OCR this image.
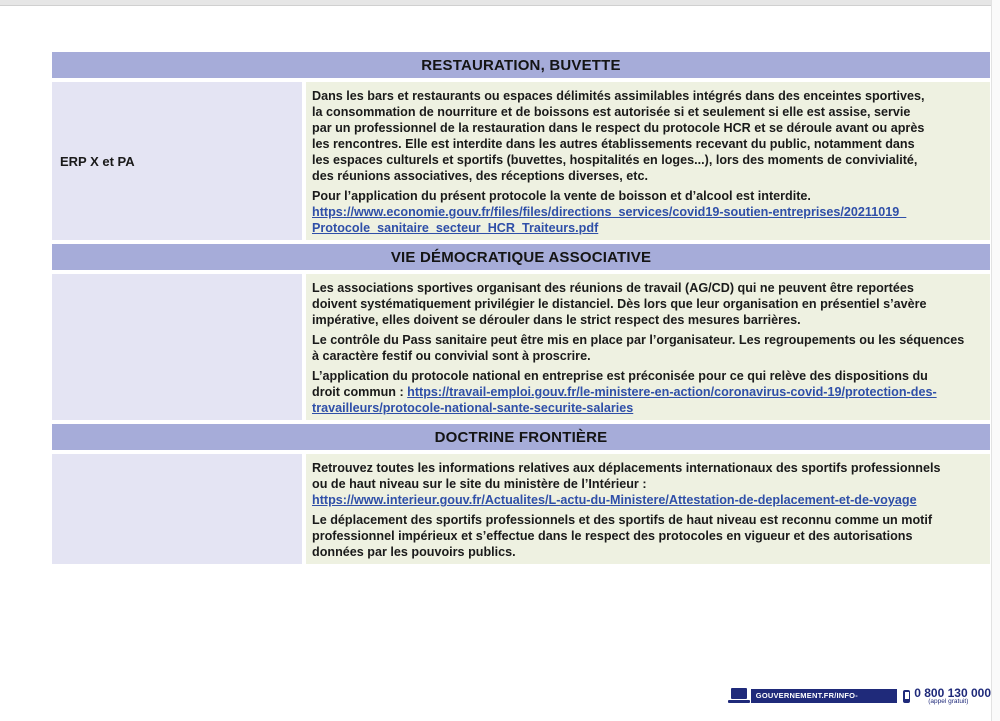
RESTAURATION, BUVETTE
ERP X et PA
Dans les bars et restaurants ou espaces délimités assimilables intégrés dans des enceintes sportives,
la consommation de nourriture et de boissons est autorisée si et seulement si elle est assise, servie
par un professionnel de la restauration dans le respect du protocole HCR et se déroule avant ou après
les rencontres. Elle est interdite dans les autres établissements recevant du public, notamment dans
les espaces culturels et sportifs (buvettes, hospitalités en loges...), lors des moments de convivialité,
des réunions associatives, des réceptions diverses, etc.
Pour l’application du présent protocole la vente de boisson et d’alcool est interdite.
https://www.economie.gouv.fr/files/files/directions_services/covid19-soutien-entreprises/20211019_
Protocole_sanitaire_secteur_HCR_Traiteurs.pdf
VIE DÉMOCRATIQUE ASSOCIATIVE
Les associations sportives organisant des réunions de travail (AG/CD) qui ne peuvent être reportées
doivent systématiquement privilégier le distanciel. Dès lors que leur organisation en présentiel s’avère
impérative, elles doivent se dérouler dans le strict respect des mesures barrières.
Le contrôle du Pass sanitaire peut être mis en place par l’organisateur. Les regroupements ou les séquences
à caractère festif ou convivial sont à proscrire.
L’application du protocole national en entreprise est préconisée pour ce qui relève des dispositions du
droit commun : https://travail-emploi.gouv.fr/le-ministere-en-action/coronavirus-covid-19/protection-des-
travailleurs/protocole-national-sante-securite-salaries
DOCTRINE FRONTIÈRE
Retrouvez toutes les informations relatives aux déplacements internationaux des sportifs professionnels
ou de haut niveau sur le site du ministère de l’Intérieur :
https://www.interieur.gouv.fr/Actualites/L-actu-du-Ministere/Attestation-de-deplacement-et-de-voyage
Le déplacement des sportifs professionnels et des sportifs de haut niveau est reconnu comme un motif
professionnel impérieux et s’effectue dans le respect des protocoles en vigueur et des autorisations
données par les pouvoirs publics.
GOUVERNEMENT.FR/INFO-CORONAVIRUS
0 800 130 000
(appel gratuit)
